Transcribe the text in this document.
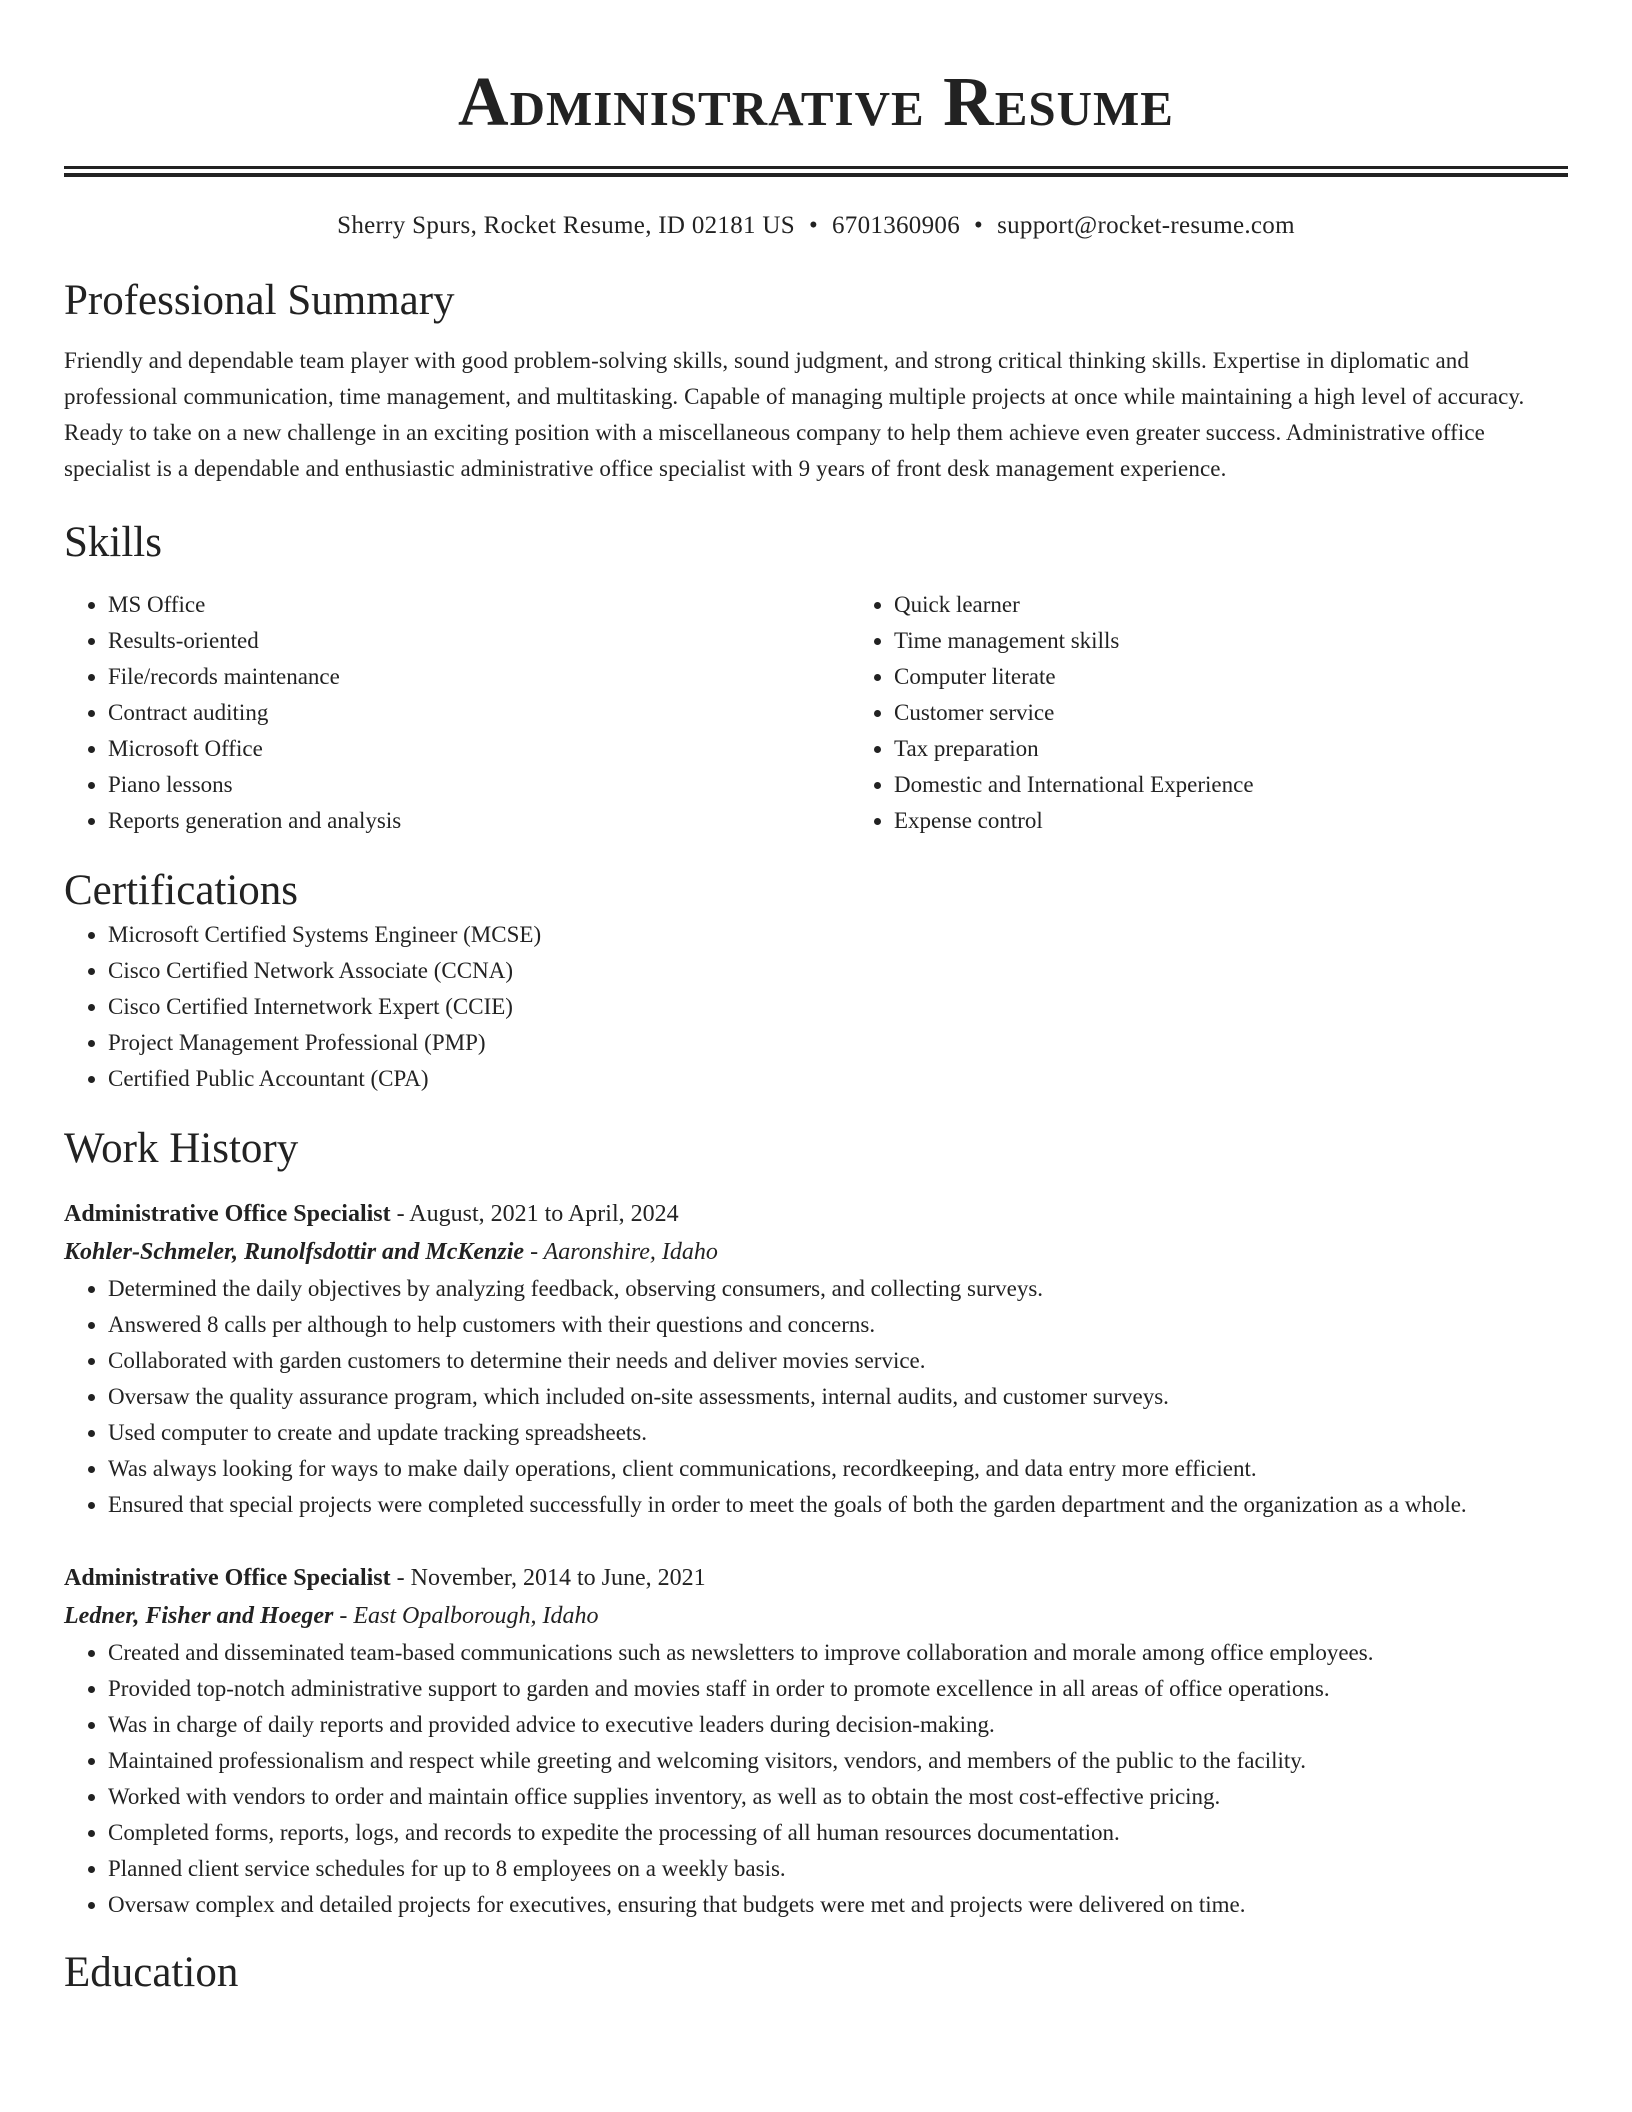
Administrative Resume
Sherry Spurs, Rocket Resume, ID 02181 US • 6701360906 • support@rocket-resume.com
Professional Summary

Friendly and dependable team player with good problem-solving skills, sound judgment, and strong critical thinking skills. Expertise in diplomatic and professional communication, time management, and multitasking. Capable of managing multiple projects at once while maintaining a high level of accuracy. Ready to take on a new challenge in an exciting position with a miscellaneous company to help them achieve even greater success. Administrative office specialist is a dependable and enthusiastic administrative office specialist with 9 years of front desk management experience.

Skills
• MS Office
• Results-oriented
• File/records maintenance
• Contract auditing
• Microsoft Office
• Piano lessons
• Reports generation and analysis
• Quick learner
• Time management skills
• Computer literate
• Customer service
• Tax preparation
• Domestic and International Experience
• Expense control
Certifications
• Microsoft Certified Systems Engineer (MCSE)
• Cisco Certified Network Associate (CCNA)
• Cisco Certified Internetwork Expert (CCIE)
• Project Management Professional (PMP)
• Certified Public Accountant (CPA)
Work History
Administrative Office Specialist - August, 2021 to April, 2024
Kohler-Schmeler, Runolfsdottir and McKenzie - Aaronshire, Idaho
• Determined the daily objectives by analyzing feedback, observing consumers, and collecting surveys.
• Answered 8 calls per although to help customers with their questions and concerns.
• Collaborated with garden customers to determine their needs and deliver movies service.
• Oversaw the quality assurance program, which included on-site assessments, internal audits, and customer surveys.
• Used computer to create and update tracking spreadsheets.
• Was always looking for ways to make daily operations, client communications, recordkeeping, and data entry more efficient.
• Ensured that special projects were completed successfully in order to meet the goals of both the garden department and the organization as a whole.
Administrative Office Specialist - November, 2014 to June, 2021
Ledner, Fisher and Hoeger - East Opalborough, Idaho
• Created and disseminated team-based communications such as newsletters to improve collaboration and morale among office employees.
• Provided top-notch administrative support to garden and movies staff in order to promote excellence in all areas of office operations.
• Was in charge of daily reports and provided advice to executive leaders during decision-making.
• Maintained professionalism and respect while greeting and welcoming visitors, vendors, and members of the public to the facility.
• Worked with vendors to order and maintain office supplies inventory, as well as to obtain the most cost-effective pricing.
• Completed forms, reports, logs, and records to expedite the processing of all human resources documentation.
• Planned client service schedules for up to 8 employees on a weekly basis.
• Oversaw complex and detailed projects for executives, ensuring that budgets were met and projects were delivered on time.
Education
